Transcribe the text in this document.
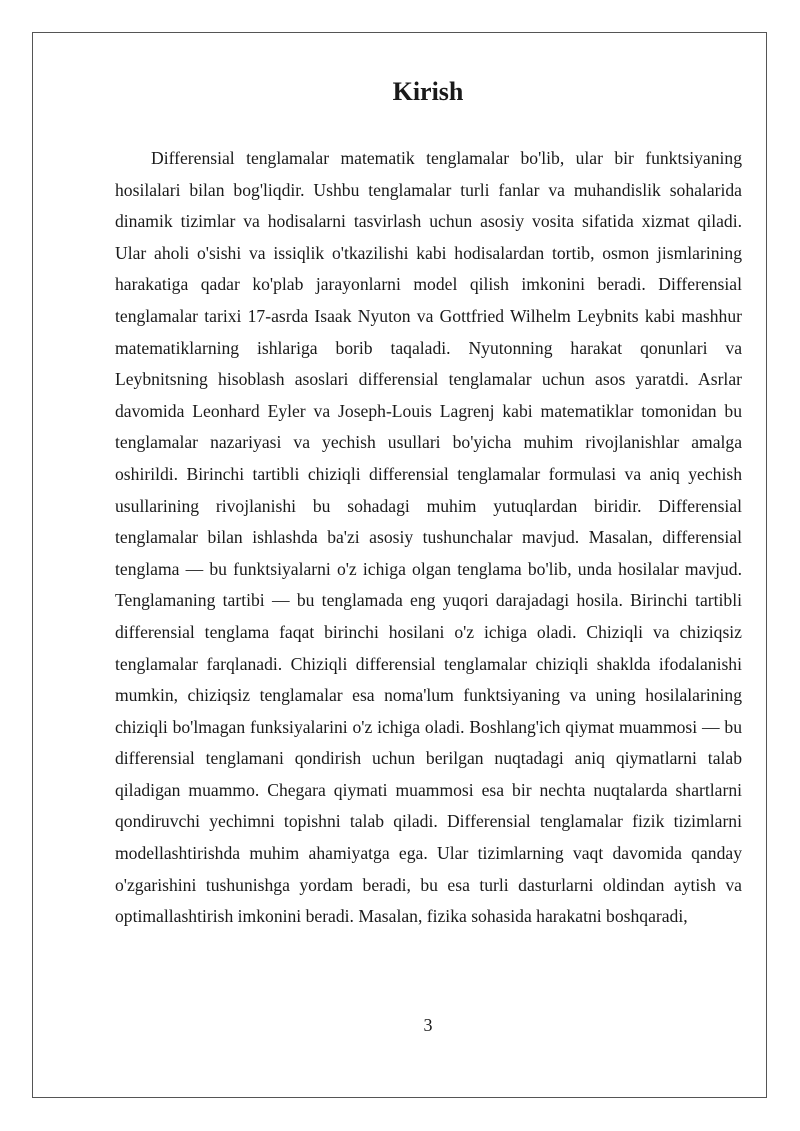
Kirish

Differensial tenglamalar matematik tenglamalar bo'lib, ular bir funktsiyaning hosilalari bilan bog'liqdir. Ushbu tenglamalar turli fanlar va muhandislik sohalarida dinamik tizimlar va hodisalarni tasvirlash uchun asosiy vosita sifatida xizmat qiladi. Ular aholi o'sishi va issiqlik o'tkazilishi kabi hodisalardan tortib, osmon jismlarining harakatiga qadar ko'plab jarayonlarni model qilish imkonini beradi. Differensial tenglamalar tarixi 17-asrda Isaak Nyuton va Gottfried Wilhelm Leybnits kabi mashhur matematiklarning ishlariga borib taqaladi. Nyutonning harakat qonunlari va Leybnitsning hisoblash asoslari differensial tenglamalar uchun asos yaratdi. Asrlar davomida Leonhard Eyler va Joseph-Louis Lagrenj kabi matematiklar tomonidan bu tenglamalar nazariyasi va yechish usullari bo'yicha muhim rivojlanishlar amalga oshirildi. Birinchi tartibli chiziqli differensial tenglamalar formulasi va aniq yechish usullarining rivojlanishi bu sohadagi muhim yutuqlardan biridir. Differensial tenglamalar bilan ishlashda ba'zi asosiy tushunchalar mavjud. Masalan, differensial tenglama — bu funktsiyalarni o'z ichiga olgan tenglama bo'lib, unda hosilalar mavjud. Tenglamaning tartibi — bu tenglamada eng yuqori darajadagi hosila. Birinchi tartibli differensial tenglama faqat birinchi hosilani o'z ichiga oladi. Chiziqli va chiziqsiz tenglamalar farqlanadi. Chiziqli differensial tenglamalar chiziqli shaklda ifodalanishi mumkin, chiziqsiz tenglamalar esa noma'lum funktsiyaning va uning hosilalarining chiziqli bo'lmagan funksiyalarini o'z ichiga oladi. Boshlang'ich qiymat muammosi — bu differensial tenglamani qondirish uchun berilgan nuqtadagi aniq qiymatlarni talab qiladigan muammo. Chegara qiymati muammosi esa bir nechta nuqtalarda shartlarni qondiruvchi yechimni topishni talab qiladi. Differensial tenglamalar fizik tizimlarni modellashtirishda muhim ahamiyatga ega. Ular tizimlarning vaqt davomida qanday o'zgarishini tushunishga yordam beradi, bu esa turli dasturlarni oldindan aytish va optimallashtirish imkonini beradi. Masalan, fizika sohasida harakatni boshqaradi,

3
